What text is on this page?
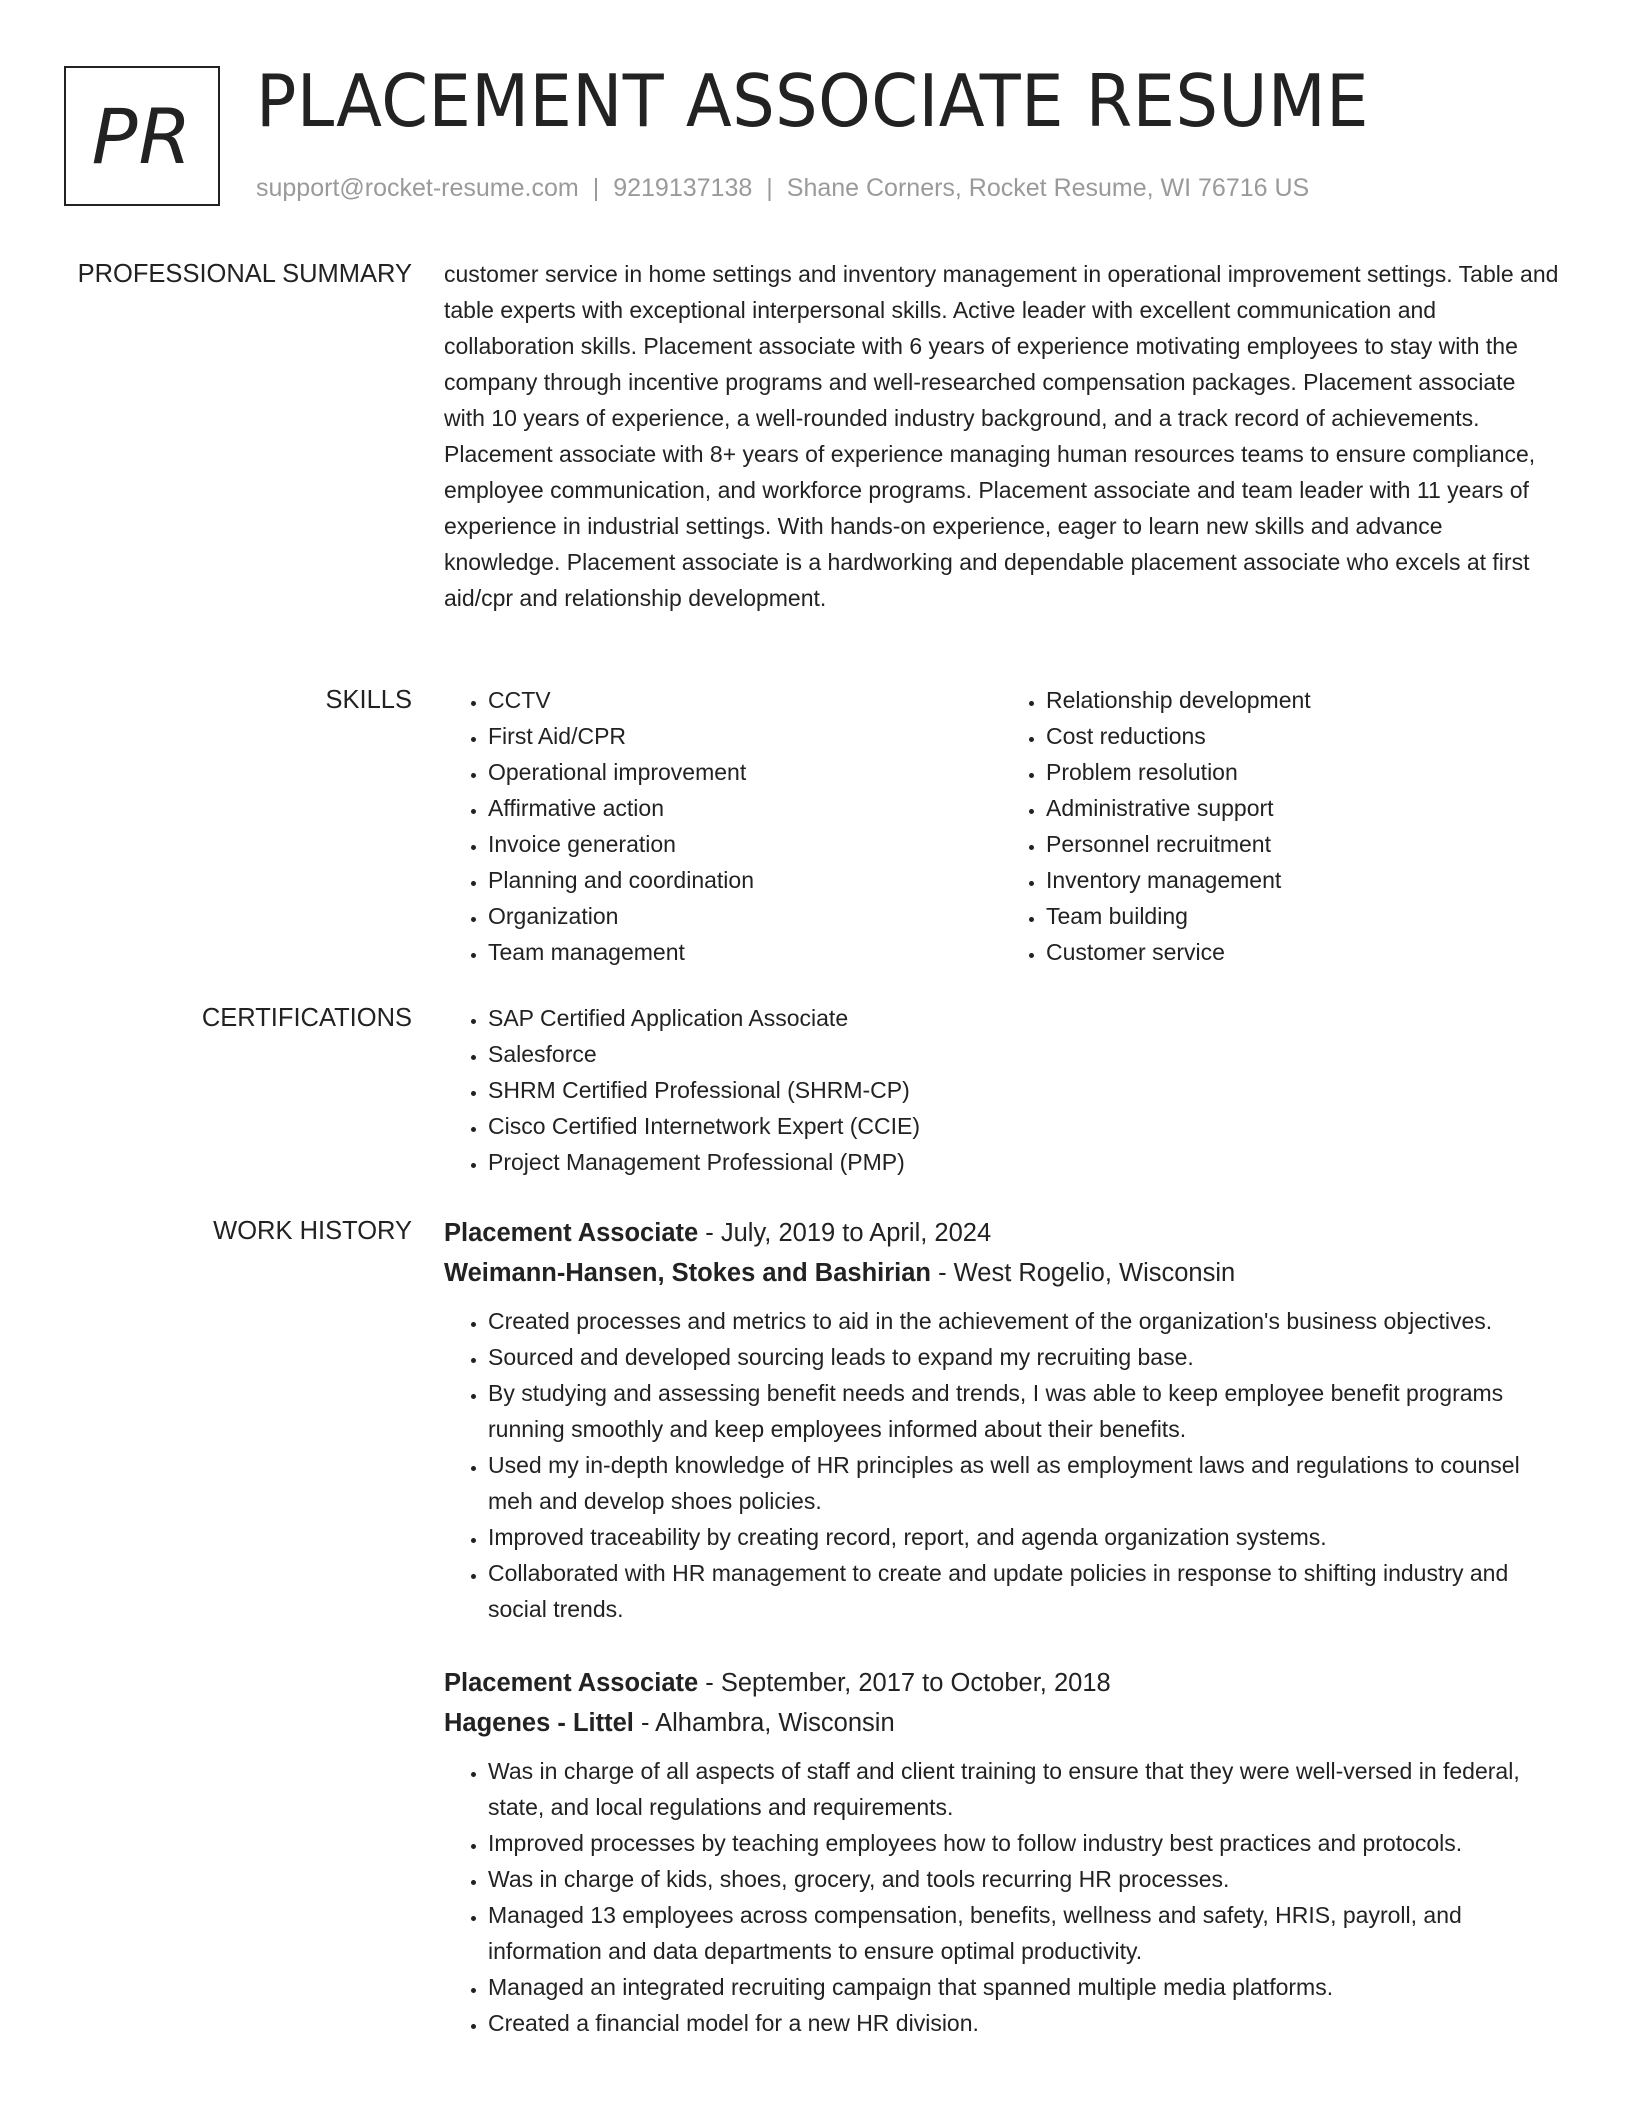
PR PLACEMENT ASSOCIATE RESUME
support@rocket-resume.com | 9219137138 | Shane Corners, Rocket Resume, WI 76716 US
PROFESSIONAL SUMMARY customer service in home settings and inventory management in operational improvement settings. Table and table experts with exceptional interpersonal skills. Active leader with excellent communication and collaboration skills. Placement associate with 6 years of experience motivating employees to stay with the company through incentive programs and well-researched compensation packages. Placement associate with 10 years of experience, a well-rounded industry background, and a track record of achievements. Placement associate with 8+ years of experience managing human resources teams to ensure compliance, employee communication, and workforce programs. Placement associate and team leader with 11 years of experience in industrial settings. With hands-on experience, eager to learn new skills and advance knowledge. Placement associate is a hardworking and dependable placement associate who excels at first aid/cpr and relationship development.
SKILLS	• CCTV
• First Aid/CPR
• Operational improvement
• Affirmative action
• Invoice generation
• Planning and coordination
• Organization
• Team management
• Relationship development
• Cost reductions
• Problem resolution
• Administrative support
• Personnel recruitment
• Inventory management
• Team building
• Customer service
CERTIFICATIONS	• SAP Certified Application Associate
• Salesforce
• SHRM Certified Professional (SHRM-CP)
• Cisco Certified Internetwork Expert (CCIE)
• Project Management Professional (PMP)
WORK HISTORY Placement Associate - July, 2019 to April, 2024
Weimann-Hansen, Stokes and Bashirian - West Rogelio, Wisconsin
• Created processes and metrics to aid in the achievement of the organization's business objectives.
• Sourced and developed sourcing leads to expand my recruiting base.
• By studying and assessing benefit needs and trends, I was able to keep employee benefit programs running smoothly and keep employees informed about their benefits.
• Used my in-depth knowledge of HR principles as well as employment laws and regulations to counsel meh and develop shoes policies.
• Improved traceability by creating record, report, and agenda organization systems.
• Collaborated with HR management to create and update policies in response to shifting industry and social trends.
Placement Associate - September, 2017 to October, 2018
Hagenes - Littel - Alhambra, Wisconsin
• Was in charge of all aspects of staff and client training to ensure that they were well-versed in federal, state, and local regulations and requirements.
• Improved processes by teaching employees how to follow industry best practices and protocols.
• Was in charge of kids, shoes, grocery, and tools recurring HR processes.
• Managed 13 employees across compensation, benefits, wellness and safety, HRIS, payroll, and information and data departments to ensure optimal productivity.
• Managed an integrated recruiting campaign that spanned multiple media platforms.
• Created a financial model for a new HR division.
